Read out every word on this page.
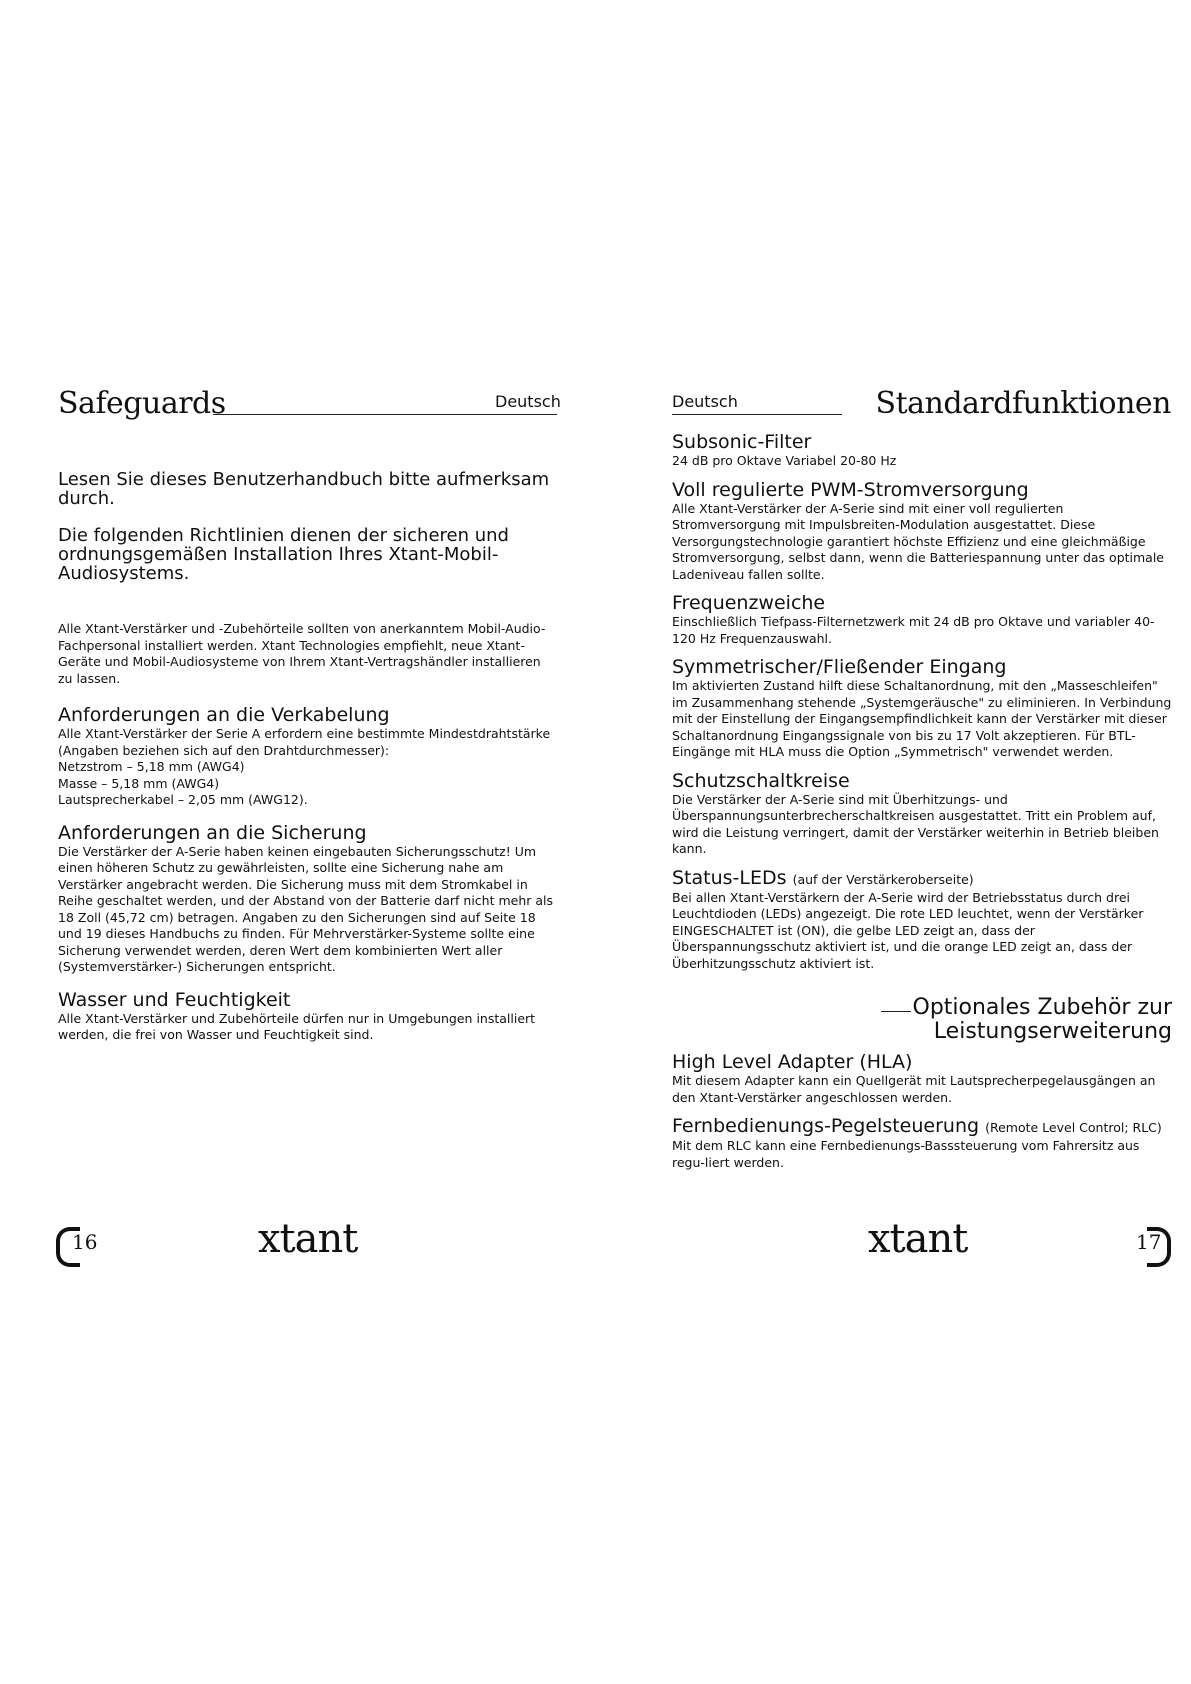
Safeguards	Deutsch

Lesen Sie dieses Benutzerhandbuch bitte aufmerksam durch.

Die folgenden Richtlinien dienen der sicheren und ordnungsgemäßen Installation Ihres Xtant-Mobil-Audiosystems.

Alle Xtant-Verstärker und -Zubehörteile sollten von anerkanntem Mobil-Audio-Fachpersonal installiert werden. Xtant Technologies empfiehlt, neue Xtant-Geräte und Mobil-Audiosysteme von Ihrem Xtant-Vertragshändler installieren zu lassen.

Anforderungen an die Verkabelung

Alle Xtant-Verstärker der Serie A erfordern eine bestimmte Mindestdrahtstärke (Angaben beziehen sich auf den Drahtdurchmesser):

Netzstrom – 5,18 mm (AWG4)

Masse – 5,18 mm (AWG4)

Lautsprecherkabel – 2,05 mm (AWG12).

Anforderungen an die Sicherung

Die Verstärker der A-Serie haben keinen eingebauten Sicherungsschutz! Um einen höheren Schutz zu gewährleisten, sollte eine Sicherung nahe am Verstärker angebracht werden. Die Sicherung muss mit dem Stromkabel in Reihe geschaltet werden, und der Abstand von der Batterie darf nicht mehr als 18 Zoll (45,72 cm) betragen. Angaben zu den Sicherungen sind auf Seite 18 und 19 dieses Handbuchs zu finden. Für Mehrverstärker-Systeme sollte eine Sicherung verwendet werden, deren Wert dem kombinierten Wert aller (Systemverstärker-) Sicherungen entspricht.

Wasser und Feuchtigkeit

Alle Xtant-Verstärker und Zubehörteile dürfen nur in Umgebungen installiert werden, die frei von Wasser und Feuchtigkeit sind.

16	xtant
Deutsch	Standardfunktionen
Subsonic-Filter

24 dB pro Oktave Variabel 20-80 Hz

Voll regulierte PWM-Stromversorgung

Alle Xtant-Verstärker der A-Serie sind mit einer voll regulierten Stromversorgung mit Impulsbreiten-Modulation ausgestattet. Diese Versorgungstechnologie garantiert höchste Effizienz und eine gleichmäßige Stromversorgung, selbst dann, wenn die Batteriespannung unter das optimale Ladeniveau fallen sollte.

Frequenzweiche

Einschließlich Tiefpass-Filternetzwerk mit 24 dB pro Oktave und variabler 40-120 Hz Frequenzauswahl.

Symmetrischer/Fließender Eingang

Im aktivierten Zustand hilft diese Schaltanordnung, mit den „Masseschleifen" im Zusammenhang stehende „Systemgeräusche" zu eliminieren. In Verbindung mit der Einstellung der Eingangsempfindlichkeit kann der Verstärker mit dieser Schaltanordnung Eingangssignale von bis zu 17 Volt akzeptieren. Für BTL-Eingänge mit HLA muss die Option „Symmetrisch" verwendet werden.

Schutzschaltkreise

Die Verstärker der A-Serie sind mit Überhitzungs- und Überspannungsunterbrecherschaltkreisen ausgestattet. Tritt ein Problem auf, wird die Leistung verringert, damit der Verstärker weiterhin in Betrieb bleiben kann.

Status-LEDs (auf der Verstärkeroberseite)

Bei allen Xtant-Verstärkern der A-Serie wird der Betriebsstatus durch drei Leuchtdioden (LEDs) angezeigt. Die rote LED leuchtet, wenn der Verstärker EINGESCHALTET ist (ON), die gelbe LED zeigt an, dass der Überspannungsschutz aktiviert ist, und die orange LED zeigt an, dass der Überhitzungsschutz aktiviert ist.

Optionales Zubehör zur Leistungserweiterung
High Level Adapter (HLA)

Mit diesem Adapter kann ein Quellgerät mit Lautsprecherpegelausgängen an den Xtant-Verstärker angeschlossen werden.

Fernbedienungs-Pegelsteuerung (Remote Level Control; RLC)

Mit dem RLC kann eine Fernbedienungs-Basssteuerung vom Fahrersitz aus regu-liert werden.

xtant	17
